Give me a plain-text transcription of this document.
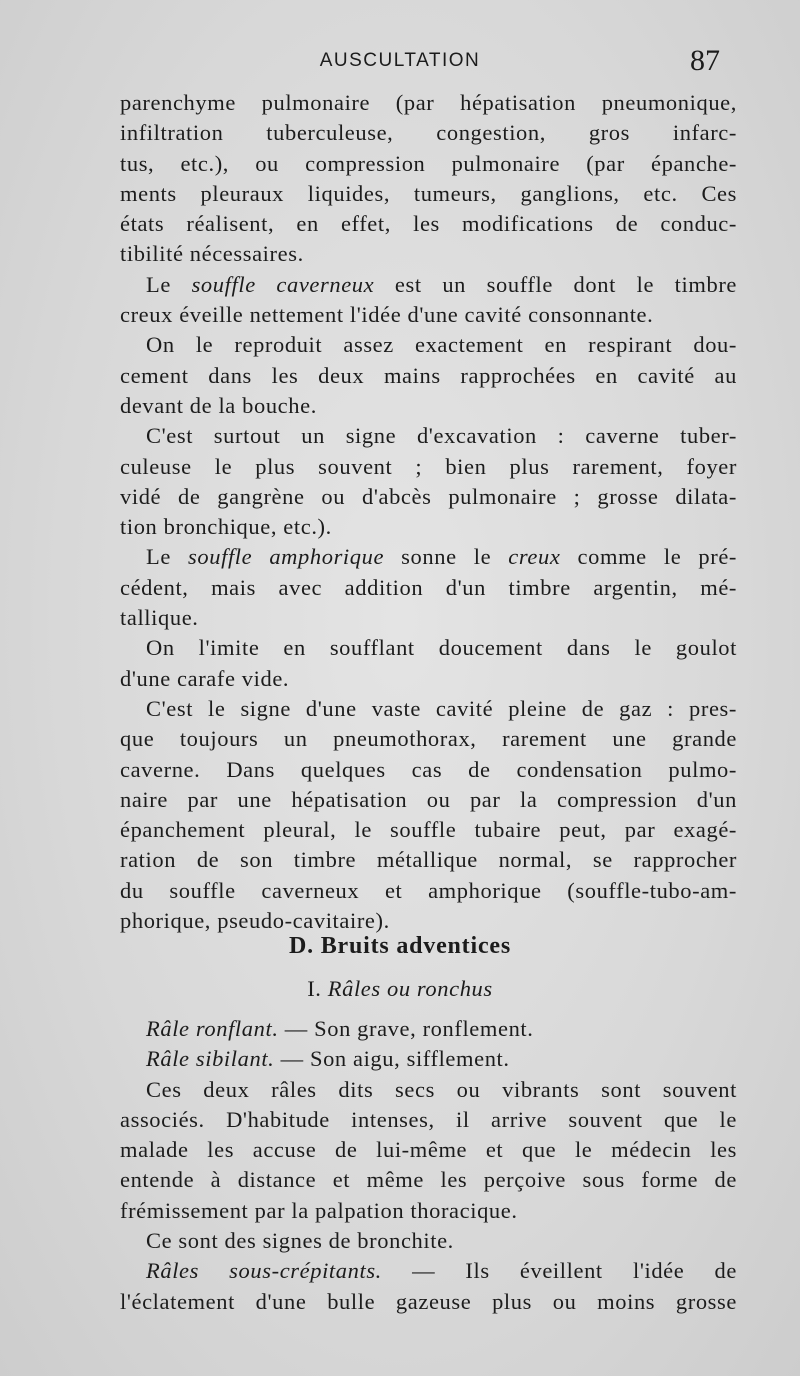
AUSCULTATION	87
parenchyme pulmonaire (par hépatisation pneumonique,
infiltration tuberculeuse, congestion, gros infarc-
tus, etc.), ou compression pulmonaire (par épanche-
ments pleuraux liquides, tumeurs, ganglions, etc. Ces
états réalisent, en effet, les modifications de conduc-
tibilité nécessaires.
Le souffle caverneux est un souffle dont le timbre
creux éveille nettement l'idée d'une cavité consonnante.
On le reproduit assez exactement en respirant dou-
cement dans les deux mains rapprochées en cavité au
devant de la bouche.
C'est surtout un signe d'excavation : caverne tuber-
culeuse le plus souvent ; bien plus rarement, foyer
vidé de gangrène ou d'abcès pulmonaire ; grosse dilata-
tion bronchique, etc.).
Le souffle amphorique sonne le creux comme le pré-
cédent, mais avec addition d'un timbre argentin, mé-
tallique.
On l'imite en soufflant doucement dans le goulot
d'une carafe vide.
C'est le signe d'une vaste cavité pleine de gaz : pres-
que toujours un pneumothorax, rarement une grande
caverne. Dans quelques cas de condensation pulmo-
naire par une hépatisation ou par la compression d'un
épanchement pleural, le souffle tubaire peut, par exagé-
ration de son timbre métallique normal, se rapprocher
du souffle caverneux et amphorique (souffle-tubo-am-
phorique, pseudo-cavitaire).
D. Bruits adventices
I. Râles ou ronchus
Râle ronflant. — Son grave, ronflement.
Râle sibilant. — Son aigu, sifflement.
Ces deux râles dits secs ou vibrants sont souvent
associés. D'habitude intenses, il arrive souvent que le
malade les accuse de lui-même et que le médecin les
entende à distance et même les perçoive sous forme de
frémissement par la palpation thoracique.
Ce sont des signes de bronchite.
Râles sous-crépitants. — Ils éveillent l'idée de
l'éclatement d'une bulle gazeuse plus ou moins grosse
